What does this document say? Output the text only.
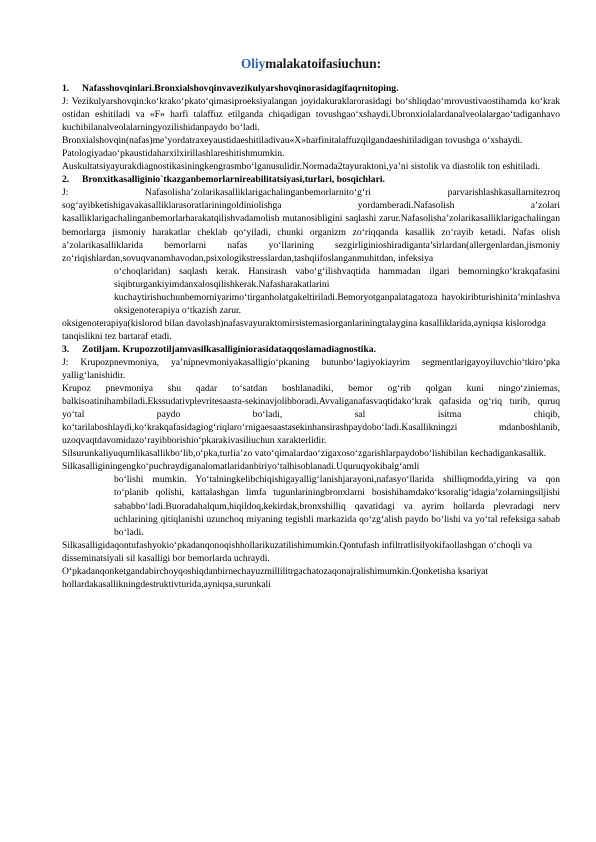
Oliymalakatoifasiuchun:
1. Nafasshovqinlari.Bronxialshovqinvavezikulyarshovqinorasidagifaqrnitoping.

J: Vezikulyarshovqin:ko‘krako‘pkato‘qimasiproeksiyalangan joyidakuraklarorasidagi bo‘shliqdao‘mrovustivaostihamda ko‘krak ostidan eshitiladi va «F» harfi talaffuz etilganda chiqadigan tovushgao‘xshaydi.Ubronxiolalardanalveolalargao‘tadiganhavo kuchibilanalveolalarningyozilishidanpaydo bo‘ladi.

Bronxialshovqin(nafas)me’yordatraxeyaustidaeshitiladivau«X»harfinitalaffuzqilgandaeshitiladigan tovushga o‘xshaydi. Patologiyadao‘pkaustidaharxilxirillashlareshitishmumkin.

Auskultatsiyayurakdiagnostikasiningkengrasmbo‘lganusulidir.Normada2tayuraktoni,ya’ni sistolik va diastolik ton eshitiladi.

2. Bronxitkasalliginio`tkazganbemorlarnireabilitatsiyasi,turlari, bosqichlari.

J: Nafasolisha’zolarikasalliklarigachalinganbemorlarnito‘g‘ri parvarishlashkasallarnitezroq sog‘ayibketishigavakasalliklarasoratlariningoldiniolishga yordamberadi.Nafasolish a’zolari kasalliklarigachalinganbemorlarharakatqilishvadamolish mutanosibligini saqlashi zarur.Nafasolisha’zolarikasalliklarigachalingan bemorlarga jismoniy harakatlar cheklab qo‘yiladi, chunki organizm zo‘riqqanda kasallik zo‘rayib ketadi. Nafas olish a’zolarikasalliklarida bemorlarni nafas yo‘llarining sezgirliginioshiradiganta’sirlardan(allergenlardan,jismoniy zo‘riqishlardan,sovuqvanamhavodan,psixologikstresslardan,tashqiifoslanganmuhitdan, infeksiya

o‘choqlaridan) saqlash kerak. Hansirash vabo‘g‘ilishvaqtida hammadan ilgari bemorningko‘krakqafasini siqibturgankiyimdanxalosqilishkerak.Nafasharakatlarini kuchaytirishuchunbemorniyarimo‘tirganholatgakeltiriladi.Bemoryotganpalatagatoza havokiribturishinita’minlashva oksigenoterapiya o‘tkazish zarur.

oksigenoterapiya(kislorod bilan davolash)nafasvayuraktomirsistemasiorganlariningtalaygina kasalliklarida,ayniqsa kislorodga tanqislikni tez bartaraf etadi.

3. Zotiljam. Krupozzotiljamvasilkasalliginiorasidataqqoslamadiagnostika.

J: Krupozpnevmoniya, ya’nipnevmoniyakasalligio‘pkaning butunbo‘lagiyokiayrim segmentlarigayoyiluvchio‘tkiro‘pka yallig‘lanishidir.

Krupoz pnevmoniya shu qadar to‘satdan boshlanadiki, bemor og‘rib qolgan kuni ningo‘ziniemas, balkisoatinihambiladi.Ekssudativplevritesaasta-sekinavjolibboradi.Avvaliganafasvaqtidako‘krak qafasida og‘riq turib, quruq yo‘tal paydo bo‘ladi, sal isitma chiqib, ko‘tarilaboshlaydi,ko‘krakqafasidagiog‘riqlaro‘rnigaesaastasekinhansirashpaydobo‘ladi.Kasallikningzi mdanboshlanib, uzoqvaqtdavomidazo‘rayibborishio‘pkarakivasiliuchun xarakterlidir.

Silsurunkaliyuqumlikasallikbo‘lib,o‘pka,turlia’zo vato‘qimalardao‘zigaxoso‘zgarishlarpaydobo‘lishibilan kechadigankasallik.

Silkasalliginingengko‘puchraydiganalomatlaridanbiriyo‘talhisoblanadi.Uquruqyokibalg‘amli

bo‘lishi mumkin. Yo‘talningkelibchiqishigayallig‘lanishjarayoni,nafasyo‘llarida shilliqmodda,yiring va qon to‘planib qolishi, kattalashgan limfa tugunlariningbronxlarni bosishihamdako‘ksoralig‘idagia’zolarningsiljishi sababbo‘ladi.Buoradahalqum,hiqildoq,kekirdak,bronxshilliq qavatidagi va ayrim hollarda plevradagi nerv uchlarining qitiqlanishi uzunchoq miyaning tegishli markazida qo‘zg‘alish paydo bo‘lishi va yo‘tal refeksiga sabab bo‘ladi.

Silkasalligidaqontufashyokio‘pkadanqonoqishhollarikuzatilishimumkin.Qontufash infiltratlisilyokifaollashgan o‘choqli va disseminatsiyali sil kasalligi bor bemorlarda uchraydi.

O‘pkadanqonketgandabirchoyqoshiqdanbirnechayuzmillilitrgachatozaqonajralishimumkin.Qonketisha ksariyat hollardakasallikningdestruktivturida,ayniqsa,surunkali
